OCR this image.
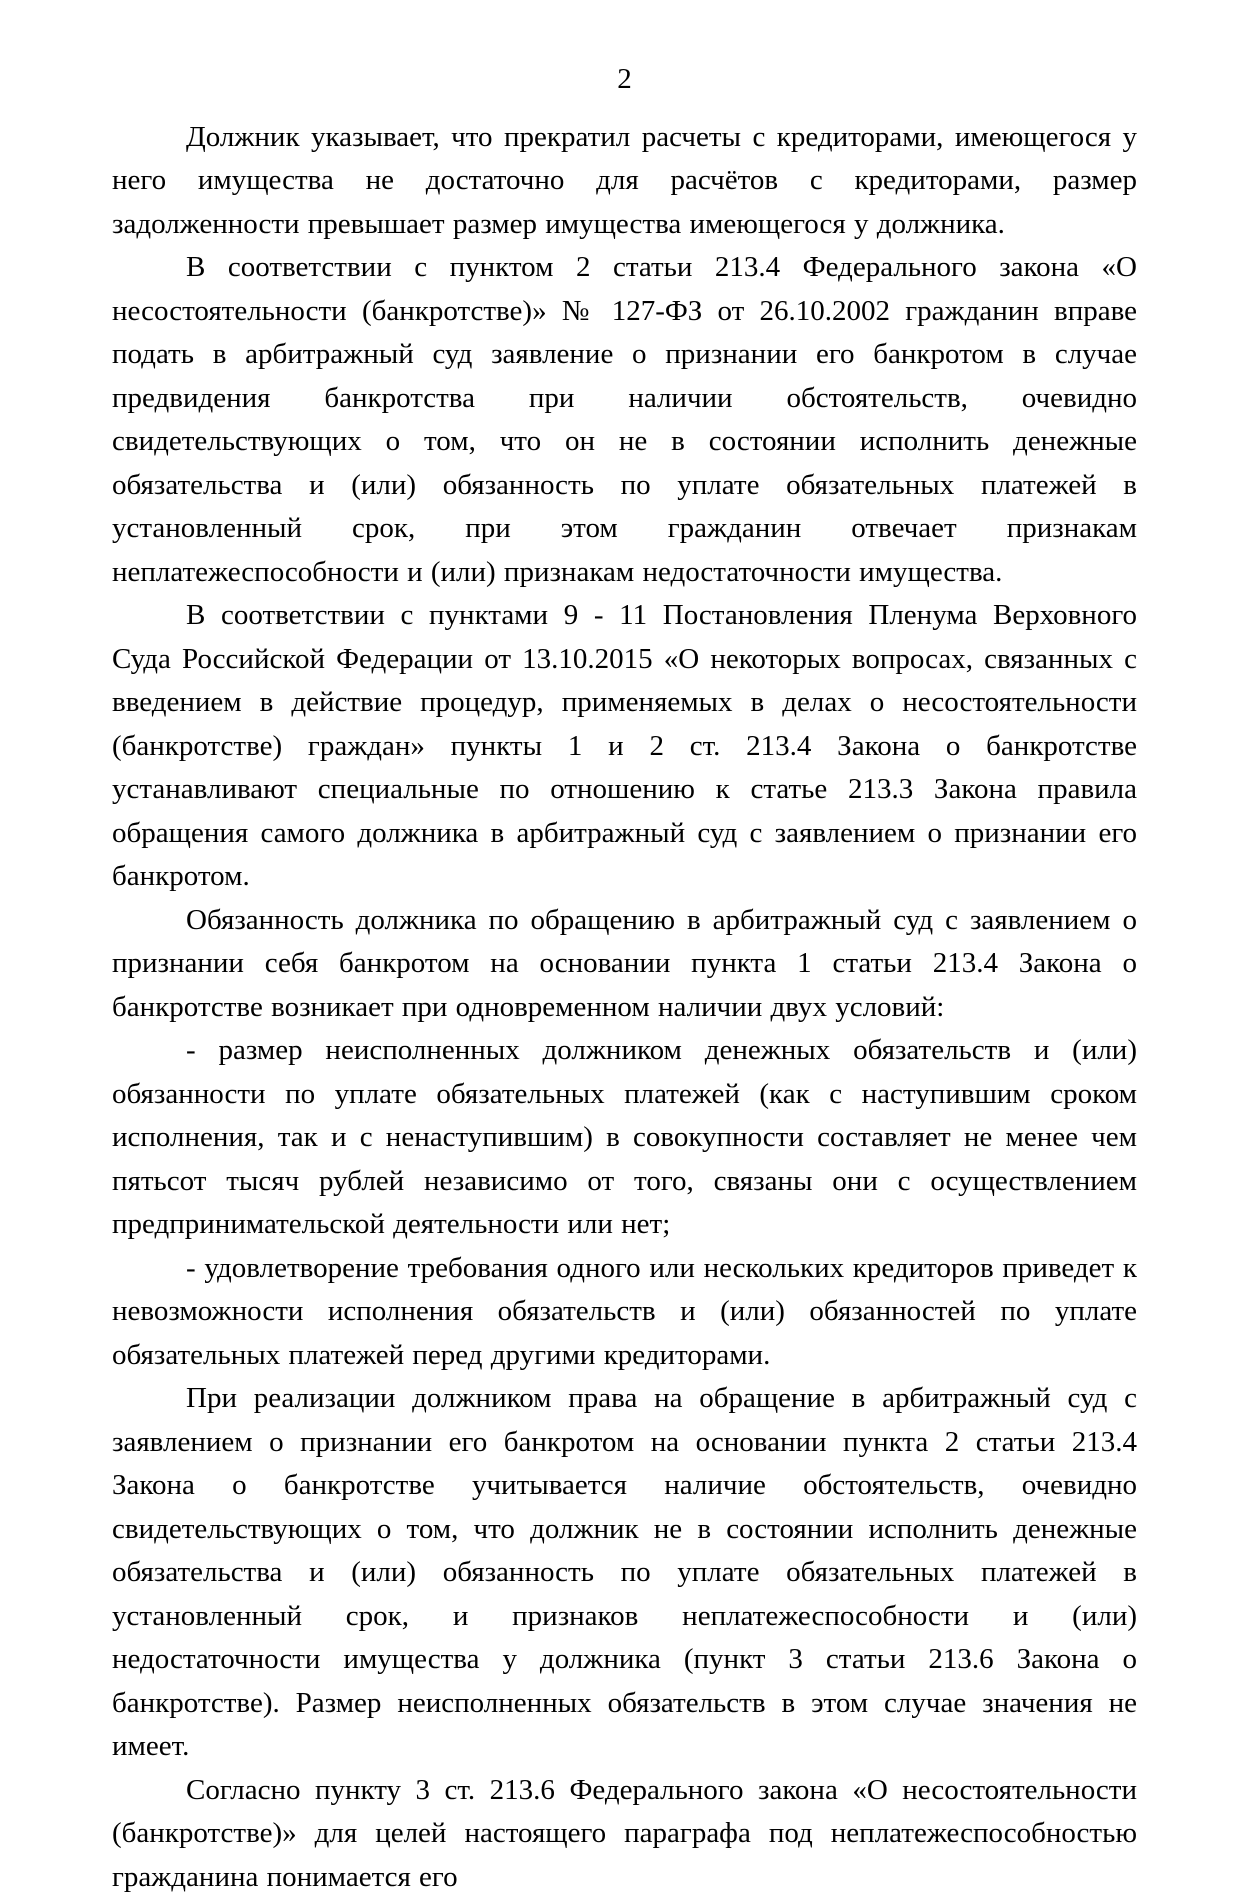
2

Должник указывает, что прекратил расчеты с кредиторами, имеющегося у него имущества не достаточно для расчётов с кредиторами, размер задолженности превышает размер имущества имеющегося у должника.

В соответствии с пунктом 2 статьи 213.4 Федерального закона «О несостоятельности (банкротстве)» № 127-ФЗ от 26.10.2002 гражданин вправе подать в арбитражный суд заявление о признании его банкротом в случае предвидения банкротства при наличии обстоятельств, очевидно свидетельствующих о том, что он не в состоянии исполнить денежные обязательства и (или) обязанность по уплате обязательных платежей в установленный срок, при этом гражданин отвечает признакам неплатежеспособности и (или) признакам недостаточности имущества.

В соответствии с пунктами 9 - 11 Постановления Пленума Верховного Суда Российской Федерации от 13.10.2015 «О некоторых вопросах, связанных с введением в действие процедур, применяемых в делах о несостоятельности (банкротстве) граждан» пункты 1 и 2 ст. 213.4 Закона о банкротстве устанавливают специальные по отношению к статье 213.3 Закона правила обращения самого должника в арбитражный суд с заявлением о признании его банкротом.

Обязанность должника по обращению в арбитражный суд с заявлением о признании себя банкротом на основании пункта 1 статьи 213.4 Закона о банкротстве возникает при одновременном наличии двух условий:

- размер неисполненных должником денежных обязательств и (или) обязанности по уплате обязательных платежей (как с наступившим сроком исполнения, так и с ненаступившим) в совокупности составляет не менее чем пятьсот тысяч рублей независимо от того, связаны они с осуществлением предпринимательской деятельности или нет;

- удовлетворение требования одного или нескольких кредиторов приведет к невозможности исполнения обязательств и (или) обязанностей по уплате обязательных платежей перед другими кредиторами.

При реализации должником права на обращение в арбитражный суд с заявлением о признании его банкротом на основании пункта 2 статьи 213.4 Закона о банкротстве учитывается наличие обстоятельств, очевидно свидетельствующих о том, что должник не в состоянии исполнить денежные обязательства и (или) обязанность по уплате обязательных платежей в установленный срок, и признаков неплатежеспособности и (или) недостаточности имущества у должника (пункт 3 статьи 213.6 Закона о банкротстве). Размер неисполненных обязательств в этом случае значения не имеет.

Согласно пункту 3 ст. 213.6 Федерального закона «О несостоятельности (банкротстве)» для целей настоящего параграфа под неплатежеспособностью гражданина понимается его
